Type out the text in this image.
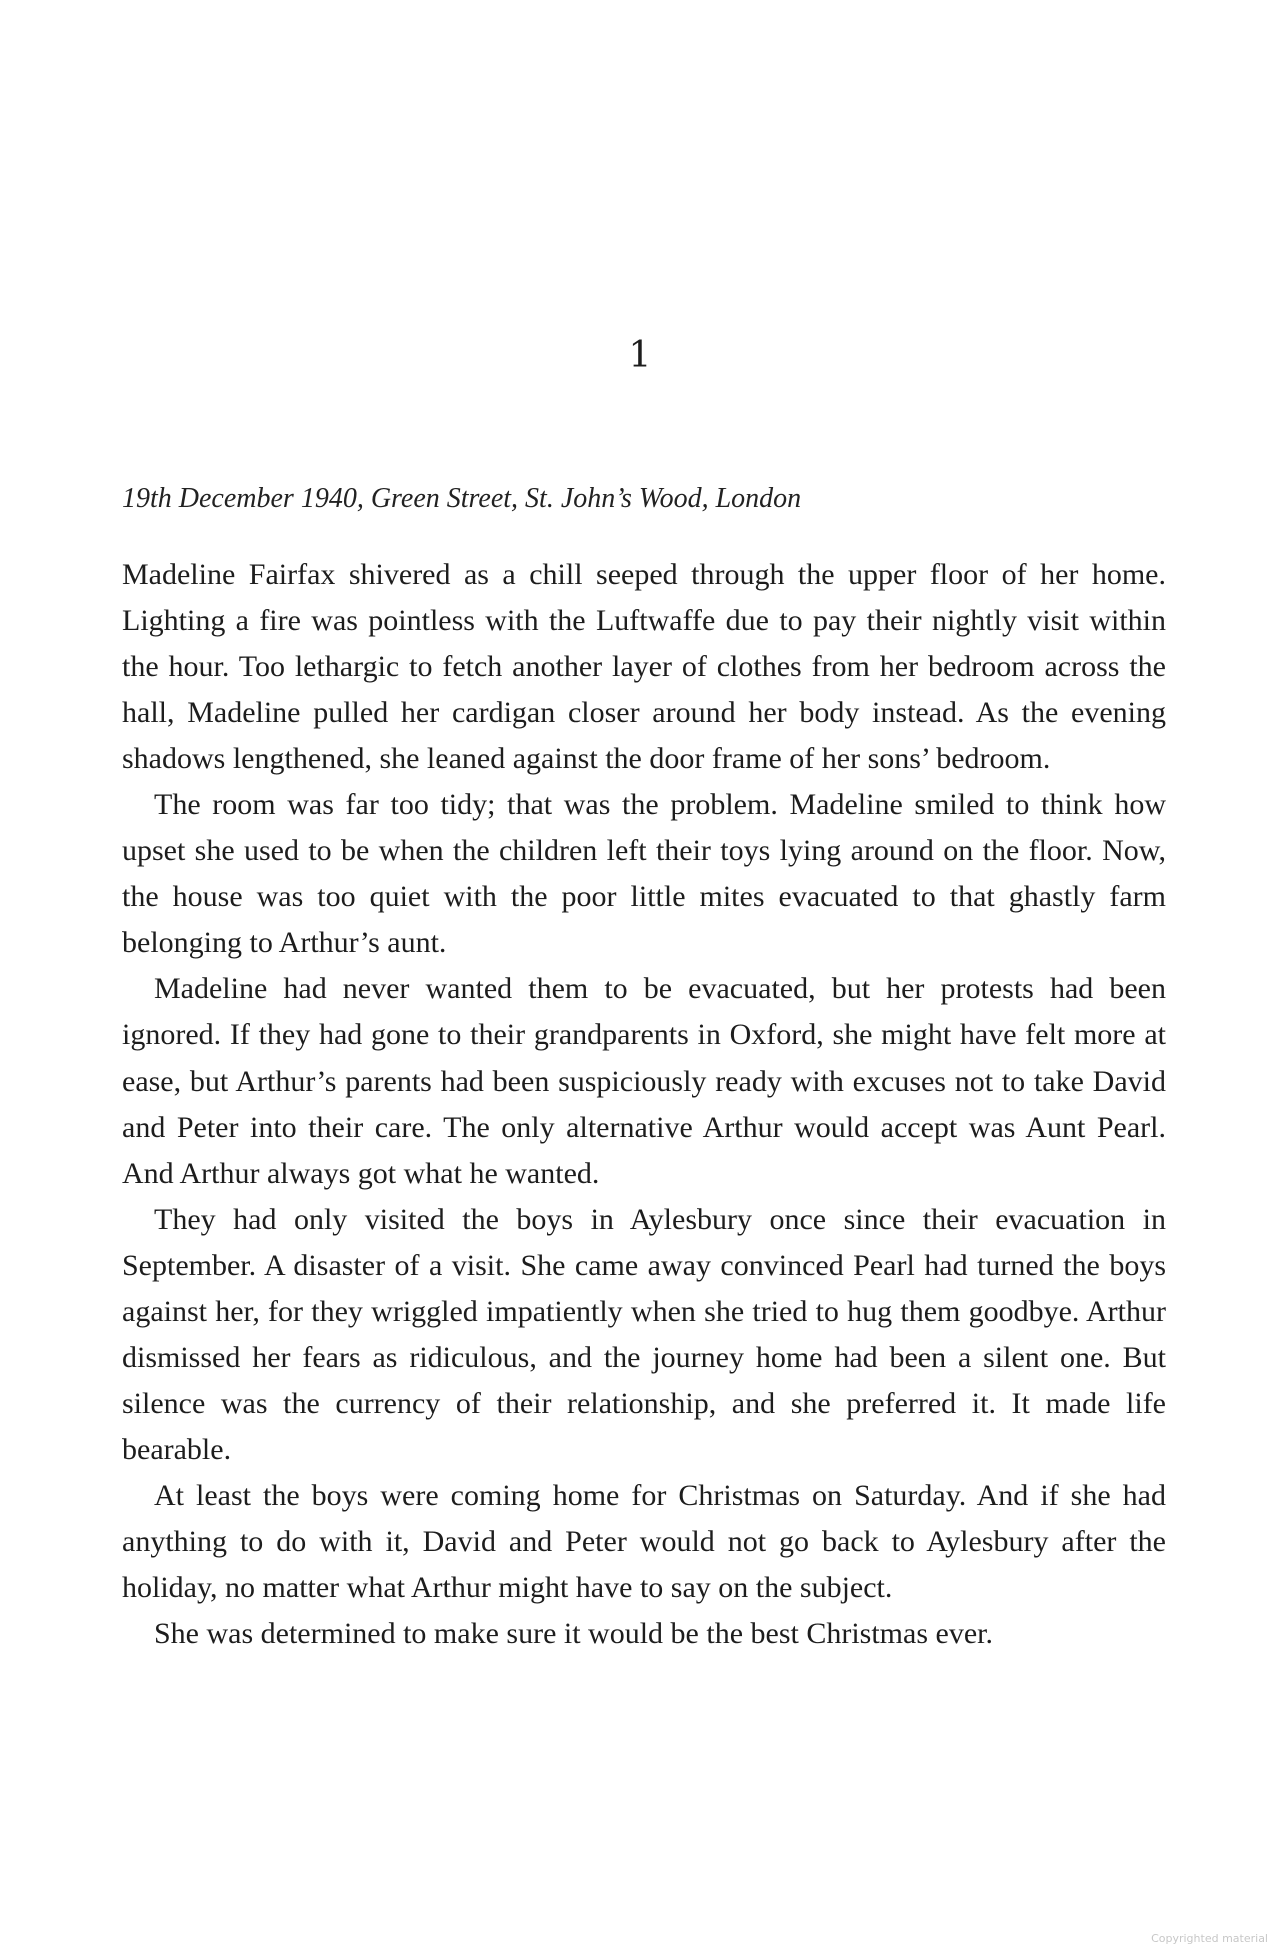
1
19th December 1940, Green Street, St. John’s Wood, London

Madeline Fairfax shivered as a chill seeped through the upper floor of her home. Lighting a fire was pointless with the Luftwaffe due to pay their nightly visit within the hour. Too lethargic to fetch another layer of clothes from her bedroom across the hall, Madeline pulled her cardigan closer around her body instead. As the evening shadows lengthened, she leaned against the door frame of her sons’ bedroom.

The room was far too tidy; that was the problem. Madeline smiled to think how upset she used to be when the children left their toys lying around on the floor. Now, the house was too quiet with the poor little mites evacuated to that ghastly farm belonging to Arthur’s aunt.

Madeline had never wanted them to be evacuated, but her protests had been ignored. If they had gone to their grandparents in Oxford, she might have felt more at ease, but Arthur’s parents had been suspiciously ready with excuses not to take David and Peter into their care. The only alternative Arthur would accept was Aunt Pearl. And Arthur always got what he wanted.

They had only visited the boys in Aylesbury once since their evacuation in September. A disaster of a visit. She came away convinced Pearl had turned the boys against her, for they wriggled impatiently when she tried to hug them goodbye. Arthur dismissed her fears as ridiculous, and the journey home had been a silent one. But silence was the currency of their relationship, and she preferred it. It made life bearable.

At least the boys were coming home for Christmas on Saturday. And if she had anything to do with it, David and Peter would not go back to Aylesbury after the holiday, no matter what Arthur might have to say on the subject.

She was determined to make sure it would be the best Christmas ever.

Copyrighted material
